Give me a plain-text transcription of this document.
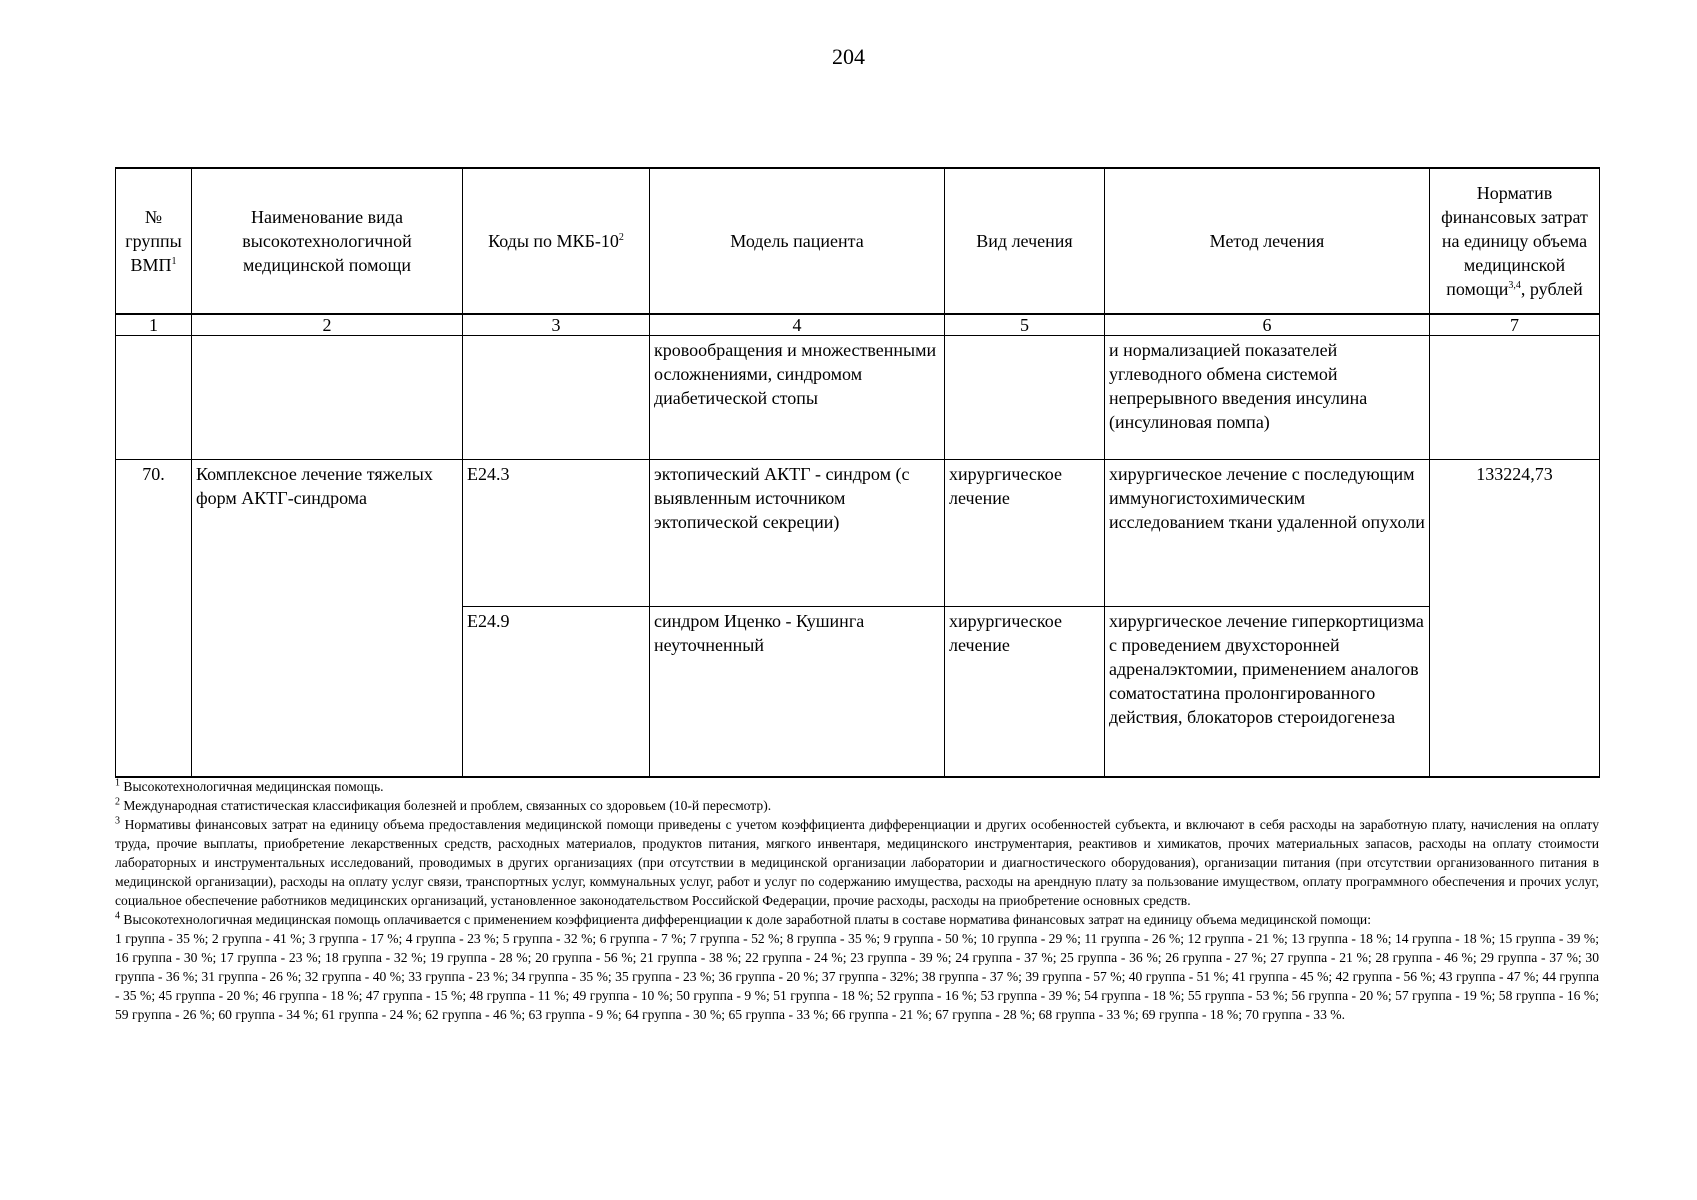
204
№ группы ВМП$^1$	Наименование вида высокотехнологичной медицинской помощи	Коды по МКБ-$10^2$	Модель пациента	Вид лечения	Метод лечения	Норматив финансовых затрат на единицу объема медицинской помощи$^{3,4}$, рублей
1	2	3	4	5	6	7
			кровообращения и множественными осложнениями, синдромом диабетической стопы		и нормализацией показателей углеводного обмена системой непрерывного введения инсулина (инсулиновая помпа)	
70.	Комплексное лечение тяжелых форм АКТГ-синдрома	E24.3	эктопический АКТГ - синдром (с выявленным источником эктопической секреции)	хирургическое лечение	хирургическое лечение с последующим иммуногистохимическим исследованием ткани удаленной опухоли	133224,73
		E24.9	синдром Иценко - Кушинга неуточненный	хирургическое лечение	хирургическое лечение гиперкортицизма с проведением двухсторонней адреналэктомии, применением аналогов соматостатина пролонгированного действия, блокаторов стероидогенеза	

$^1$ Высокотехнологичная медицинская помощь.

$^2$ Международная статистическая классификация болезней и проблем, связанных со здоровьем (10-й пересмотр).

$^3$ Нормативы финансовых затрат на единицу объема предоставления медицинской помощи приведены с учетом коэффициента дифференциации и других особенностей субъекта, и включают в себя расходы на заработную плату, начисления на оплату труда, прочие выплаты, приобретение лекарственных средств, расходных материалов, продуктов питания, мягкого инвентаря, медицинского инструментария, реактивов и химикатов, прочих материальных запасов, расходы на оплату стоимости лабораторных и инструментальных исследований, проводимых в других организациях (при отсутствии в медицинской организации лаборатории и диагностического оборудования), организации питания (при отсутствии организованного питания в медицинской организации), расходы на оплату услуг связи, транспортных услуг, коммунальных услуг, работ и услуг по содержанию имущества, расходы на арендную плату за пользование имуществом, оплату программного обеспечения и прочих услуг, социальное обеспечение работников медицинских организаций, установленное законодательством Российской Федерации, прочие расходы, расходы на приобретение основных средств.

$^4$ Высокотехнологичная медицинская помощь оплачивается с применением коэффициента дифференциации к доле заработной платы в составе норматива финансовых затрат на единицу объема медицинской помощи:

1 группа - 35 %; 2 группа - 41 %; 3 группа - 17 %; 4 группа - 23 %; 5 группа - 32 %; 6 группа - 7 %; 7 группа - 52 %; 8 группа - 35 %; 9 группа - 50 %; 10 группа - 29 %; 11 группа - 26 %; 12 группа - 21 %; 13 группа - 18 %; 14 группа - 18 %; 15 группа - 39 %; 16 группа - 30 %; 17 группа - 23 %; 18 группа - 32 %; 19 группа - 28 %; 20 группа - 56 %; 21 группа - 38 %; 22 группа - 24 %; 23 группа - 39 %; 24 группа - 37 %; 25 группа - 36 %; 26 группа - 27 %; 27 группа - 21 %; 28 группа - 46 %; 29 группа - 37 %; 30 группа - 36 %; 31 группа - 26 %; 32 группа - 40 %; 33 группа - 23 %; 34 группа - 35 %; 35 группа - 23 %; 36 группа - 20 %; 37 группа - 32%; 38 группа - 37 %; 39 группа - 57 %; 40 группа - 51 %; 41 группа - 45 %; 42 группа - 56 %; 43 группа - 47 %; 44 группа - 35 %; 45 группа - 20 %; 46 группа - 18 %; 47 группа - 15 %; 48 группа - 11 %; 49 группа - 10 %; 50 группа - 9 %; 51 группа - 18 %; 52 группа - 16 %; 53 группа - 39 %; 54 группа - 18 %; 55 группа - 53 %; 56 группа - 20 %; 57 группа - 19 %; 58 группа - 16 %; 59 группа - 26 %; 60 группа - 34 %; 61 группа - 24 %; 62 группа - 46 %; 63 группа - 9 %; 64 группа - 30 %; 65 группа - 33 %; 66 группа - 21 %; 67 группа - 28 %; 68 группа - 33 %; 69 группа - 18 %; 70 группа - 33 %.
